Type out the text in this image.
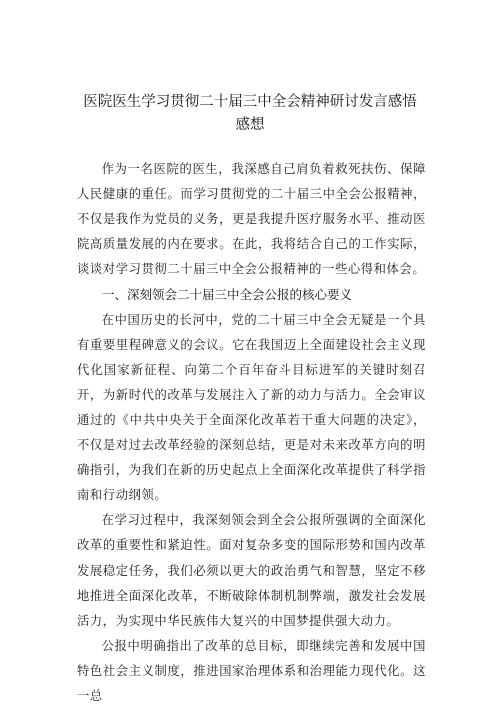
医院医生学习贯彻二十届三中全会精神研讨发言感悟
感想

作为一名医院的医生，我深感自己肩负着救死扶伤、保障人民健康的重任。而学习贯彻党的二十届三中全会公报精神，不仅是我作为党员的义务，更是我提升医疗服务水平、推动医院高质量发展的内在要求。在此，我将结合自己的工作实际，谈谈对学习贯彻二十届三中全会公报精神的一些心得和体会。

一、深刻领会二十届三中全会公报的核心要义

在中国历史的长河中，党的二十届三中全会无疑是一个具有重要里程碑意义的会议。它在我国迈上全面建设社会主义现代化国家新征程、向第二个百年奋斗目标进军的关键时刻召开，为新时代的改革与发展注入了新的动力与活力。全会审议通过的《中共中央关于全面深化改革若干重大问题的决定》，不仅是对过去改革经验的深刻总结，更是对未来改革方向的明确指引，为我们在新的历史起点上全面深化改革提供了科学指南和行动纲领。

在学习过程中，我深刻领会到全会公报所强调的全面深化改革的重要性和紧迫性。面对复杂多变的国际形势和国内改革发展稳定任务，我们必须以更大的政治勇气和智慧，坚定不移地推进全面深化改革，不断破除体制机制弊端，激发社会发展活力，为实现中华民族伟大复兴的中国梦提供强大动力。

公报中明确指出了改革的总目标，即继续完善和发展中国特色社会主义制度，推进国家治理体系和治理能力现代化。这一总
